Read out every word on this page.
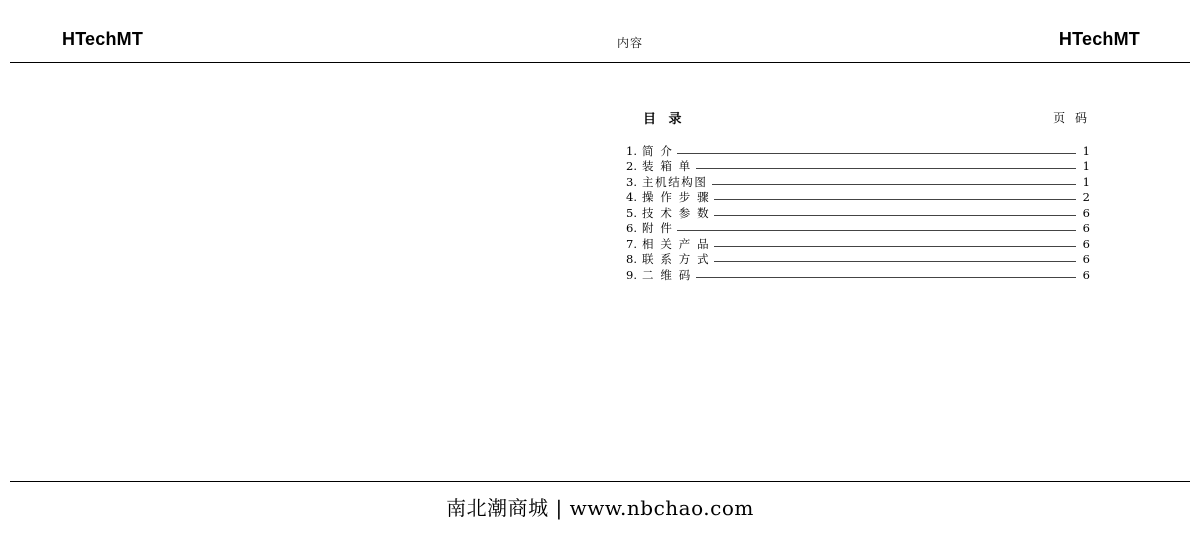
HTechMT	内容	HTechMT
目 录	页 码
1. 简 介	1
2. 装 箱 单	1
3. 主机结构图	1
4. 操 作 步 骤	2
5. 技 术 参 数	6
6. 附 件	6
7. 相 关 产 品	6
8. 联 系 方 式	6
9. 二 维 码	6
南北潮商城 | www.nbchao.com
